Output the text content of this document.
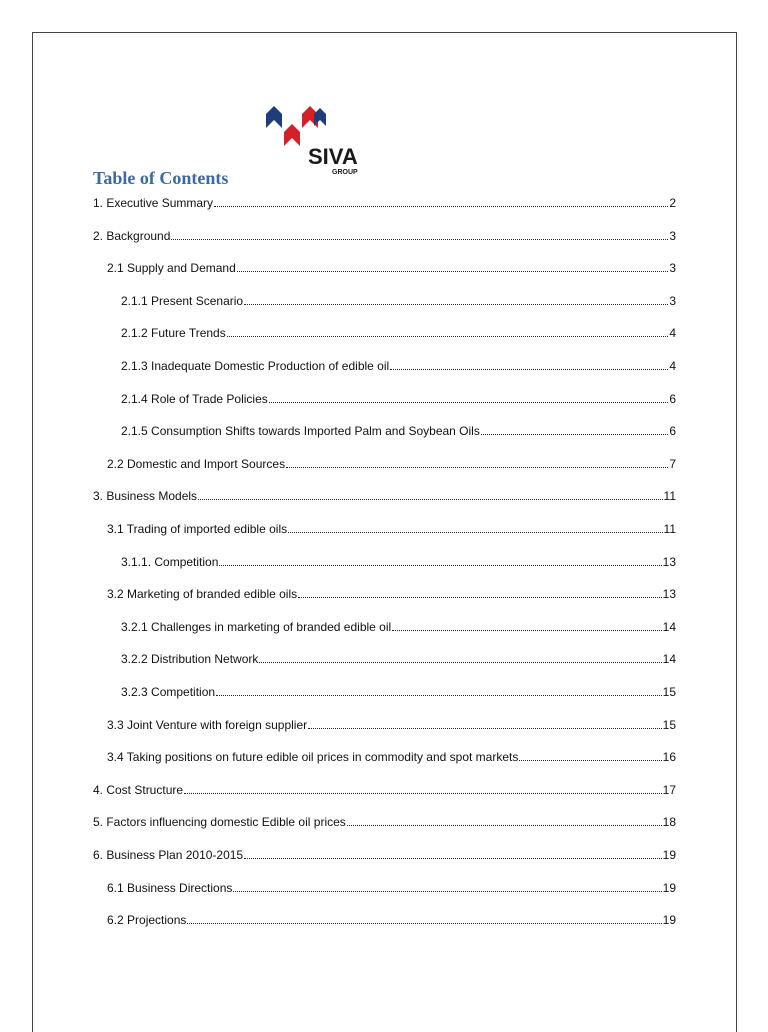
SIVA
GROUP
Table of Contents
1. Executive Summary	2
2. Background	3
2.1 Supply and Demand	3
2.1.1 Present Scenario	3
2.1.2 Future Trends	4
2.1.3 Inadequate Domestic Production of edible oil	4
2.1.4 Role of Trade Policies	6
2.1.5 Consumption Shifts towards Imported Palm and Soybean Oils	6
2.2 Domestic and Import Sources	7
3. Business Models	11
3.1 Trading of imported edible oils	11
3.1.1. Competition	13
3.2 Marketing of branded edible oils	13
3.2.1 Challenges in marketing of branded edible oil	14
3.2.2 Distribution Network	14
3.2.3 Competition	15
3.3 Joint Venture with foreign supplier	15
3.4 Taking positions on future edible oil prices in commodity and spot markets	16
4. Cost Structure	17
5. Factors influencing domestic Edible oil prices	18
6. Business Plan 2010-2015	19
6.1 Business Directions	19
6.2 Projections	19
